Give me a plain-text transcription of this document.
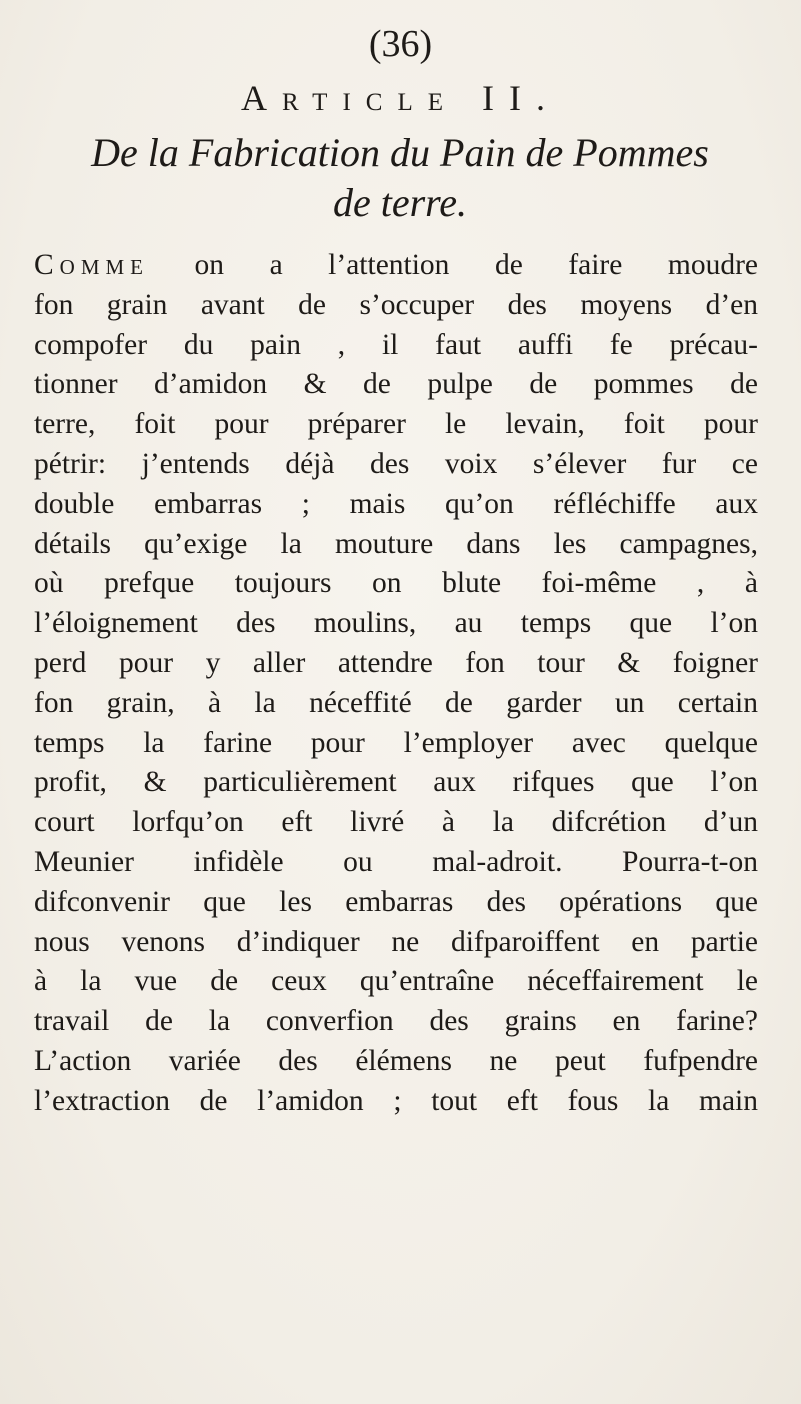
(36)
Article II.
De la Fabrication du Pain de Pommes
de terre.
Comme on a l’attention de faire moudre
fon grain avant de s’occuper des moyens d’en
compofer du pain , il faut auffi fe précau-
tionner d’amidon & de pulpe de pommes de
terre, foit pour préparer le levain, foit pour
pétrir: j’entends déjà des voix s’élever fur ce
double embarras ; mais qu’on réfléchiffe aux
détails qu’exige la mouture dans les campagnes,
où prefque toujours on blute foi-même , à
l’éloignement des moulins, au temps que l’on
perd pour y aller attendre fon tour & foigner
fon grain, à la néceffité de garder un certain
temps la farine pour l’employer avec quelque
profit, & particulièrement aux rifques que l’on
court lorfqu’on eft livré à la difcrétion d’un
Meunier infidèle ou mal-adroit. Pourra-t-on
difconvenir que les embarras des opérations que
nous venons d’indiquer ne difparoiffent en partie
à la vue de ceux qu’entraîne néceffairement le
travail de la converfion des grains en farine?
L’action variée des élémens ne peut fufpendre
l’extraction de l’amidon ; tout eft fous la main
